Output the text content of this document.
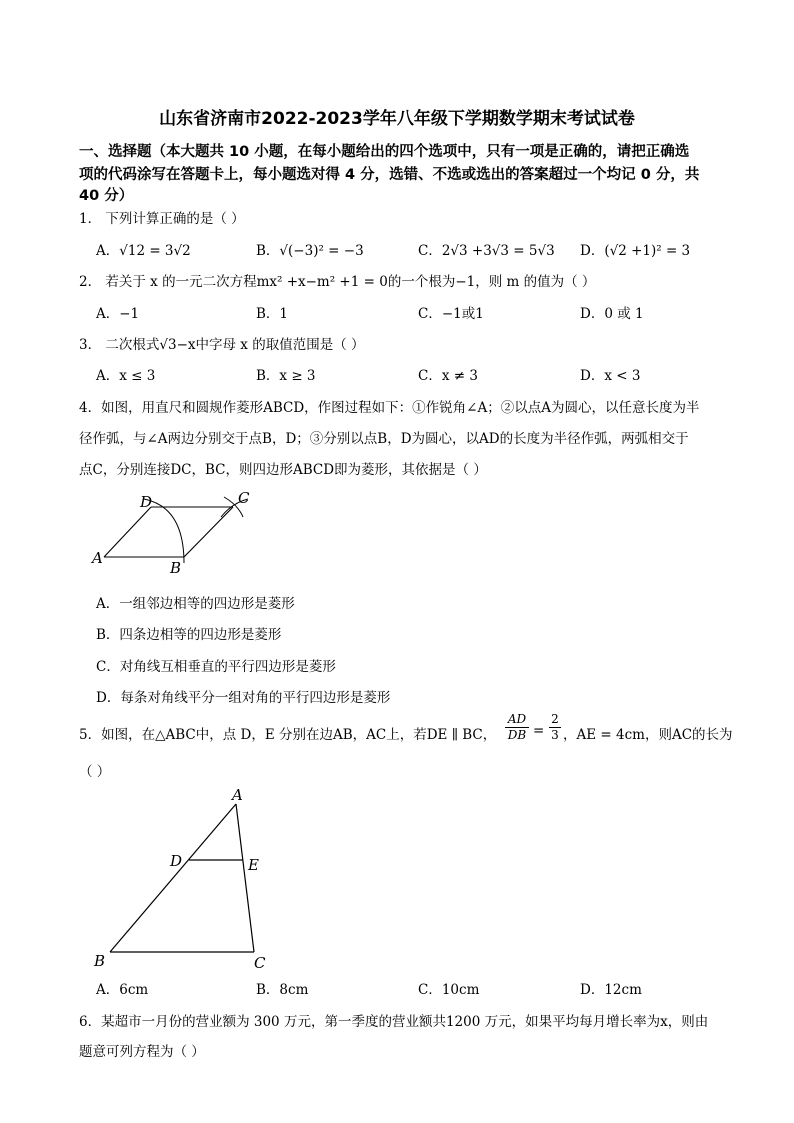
山东省济南市2022-2023学年八年级下学期数学期末考试试卷
一、选择题（本大题共 10 小题，在每小题给出的四个选项中，只有一项是正确的，请把正确选
项的代码涂写在答题卡上，每小题选对得 4 分，选错、不选或选出的答案超过一个均记 0 分，共
40 分）
1． 下列计算正确的是（ ）
A．√12 = 3√2	B．√(−3)² = −3	C．2√3 +3√3 = 5√3 D．(√2 +1)² = 3
2． 若关于 x 的一元二次方程mx² +x−m² +1 = 0的一个根为−1，则 m 的值为（ ）
A．−1	B．1	C．−1或1	D．0 或 1
3． 二次根式√3−x中字母 x 的取值范围是（ ）
A．x ≤ 3	B．x ≥ 3	C．x ≠ 3	D．x < 3
4．如图，用直尺和圆规作菱形ABCD，作图过程如下：①作锐角∠A；②以点A为圆心，以任意长度为半
径作弧，与∠A两边分别交于点B，D；③分别以点B，D为圆心，以AD的长度为半径作弧，两弧相交于
点C，分别连接DC，BC，则四边形ABCD即为菱形，其依据是（ ）
A
B
C
D
A．一组邻边相等的四边形是菱形
B．四条边相等的四边形是菱形
C．对角线互相垂直的平行四边形是菱形
D．每条对角线平分一组对角的平行四边形是菱形
5．如图，在△ABC中，点 D，E 分别在边AB，AC上，若DE ∥ BC， $\frac{AD}{DB}$ =
2
3 ，AE = 4cm，则AC的长为
（ ）
A
B	C
D	E
A．6cm	B．8cm	C．10cm	D．12cm
6．某超市一月份的营业额为 300 万元，第一季度的营业额共1200 万元，如果平均每月增长率为x，则由
题意可列方程为（ ）
